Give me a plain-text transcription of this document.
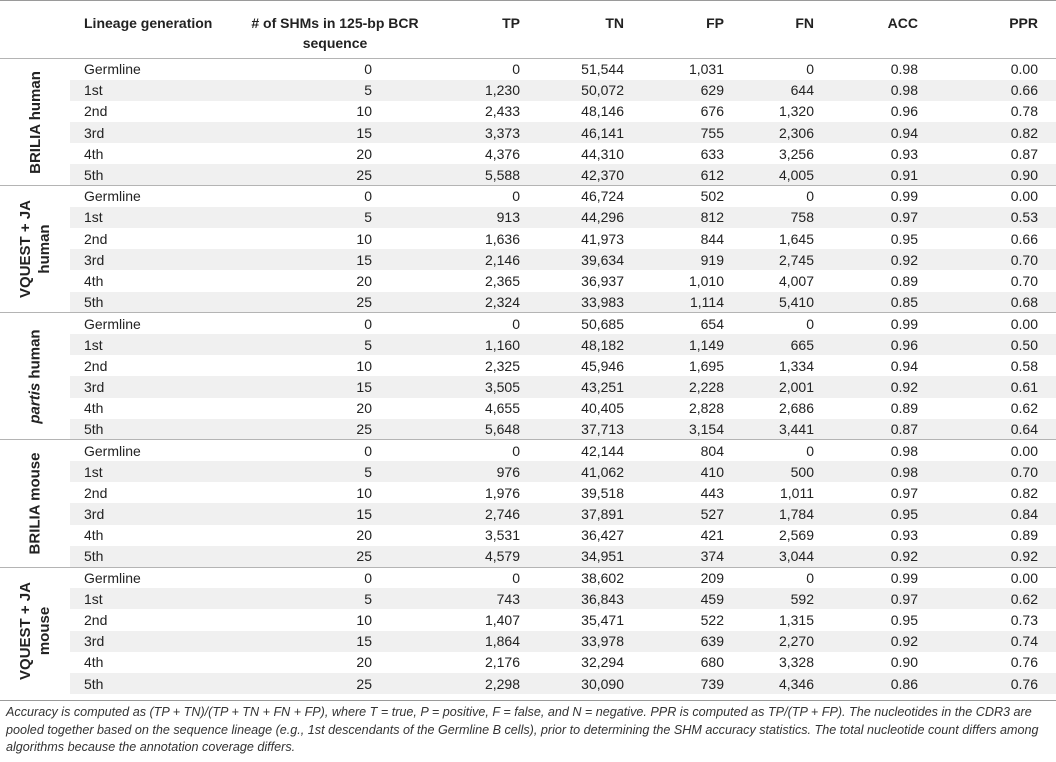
	Lineage generation	# of SHMs in 125-bp BCR sequence	TP	TN	FP	FN	ACC	PPR

BRILIA human	Germline	0	0	51,544	1,031	0	0.98	0.00
	1st	5	1,230	50,072	629	644	0.98	0.66
	2nd	10	2,433	48,146	676	1,320	0.96	0.78
	3rd	15	3,373	46,141	755	2,306	0.94	0.82
	4th	20	4,376	44,310	633	3,256	0.93	0.87
	5th	25	5,588	42,370	612	4,005	0.91	0.90

VQUEST + JA human	Germline	0	0	46,724	502	0	0.99	0.00
	1st	5	913	44,296	812	758	0.97	0.53
	2nd	10	1,636	41,973	844	1,645	0.95	0.66
	3rd	15	2,146	39,634	919	2,745	0.92	0.70
	4th	20	2,365	36,937	1,010	4,007	0.89	0.70
	5th	25	2,324	33,983	1,114	5,410	0.85	0.68

partis human	Germline	0	0	50,685	654	0	0.99	0.00
	1st	5	1,160	48,182	1,149	665	0.96	0.50
	2nd	10	2,325	45,946	1,695	1,334	0.94	0.58
	3rd	15	3,505	43,251	2,228	2,001	0.92	0.61
	4th	20	4,655	40,405	2,828	2,686	0.89	0.62
	5th	25	5,648	37,713	3,154	3,441	0.87	0.64

BRILIA mouse	Germline	0	0	42,144	804	0	0.98	0.00
	1st	5	976	41,062	410	500	0.98	0.70
	2nd	10	1,976	39,518	443	1,011	0.97	0.82
	3rd	15	2,746	37,891	527	1,784	0.95	0.84
	4th	20	3,531	36,427	421	2,569	0.93	0.89
	5th	25	4,579	34,951	374	3,044	0.92	0.92

VQUEST + JA mouse	Germline	0	0	38,602	209	0	0.99	0.00
	1st	5	743	36,843	459	592	0.97	0.62
	2nd	10	1,407	35,471	522	1,315	0.95	0.73
	3rd	15	1,864	33,978	639	2,270	0.92	0.74
	4th	20	2,176	32,294	680	3,328	0.90	0.76
	5th	25	2,298	30,090	739	4,346	0.86	0.76
Accuracy is computed as (TP + TN)/(TP + TN + FN + FP), where T = true, P = positive, F = false, and N = negative. PPR is computed as TP/(TP + FP). The nucleotides in the CDR3 are pooled together based on the sequence lineage (e.g., 1st descendants of the Germline B cells), prior to determining the SHM accuracy statistics. The total nucleotide count differs among algorithms because the annotation coverage differs.
